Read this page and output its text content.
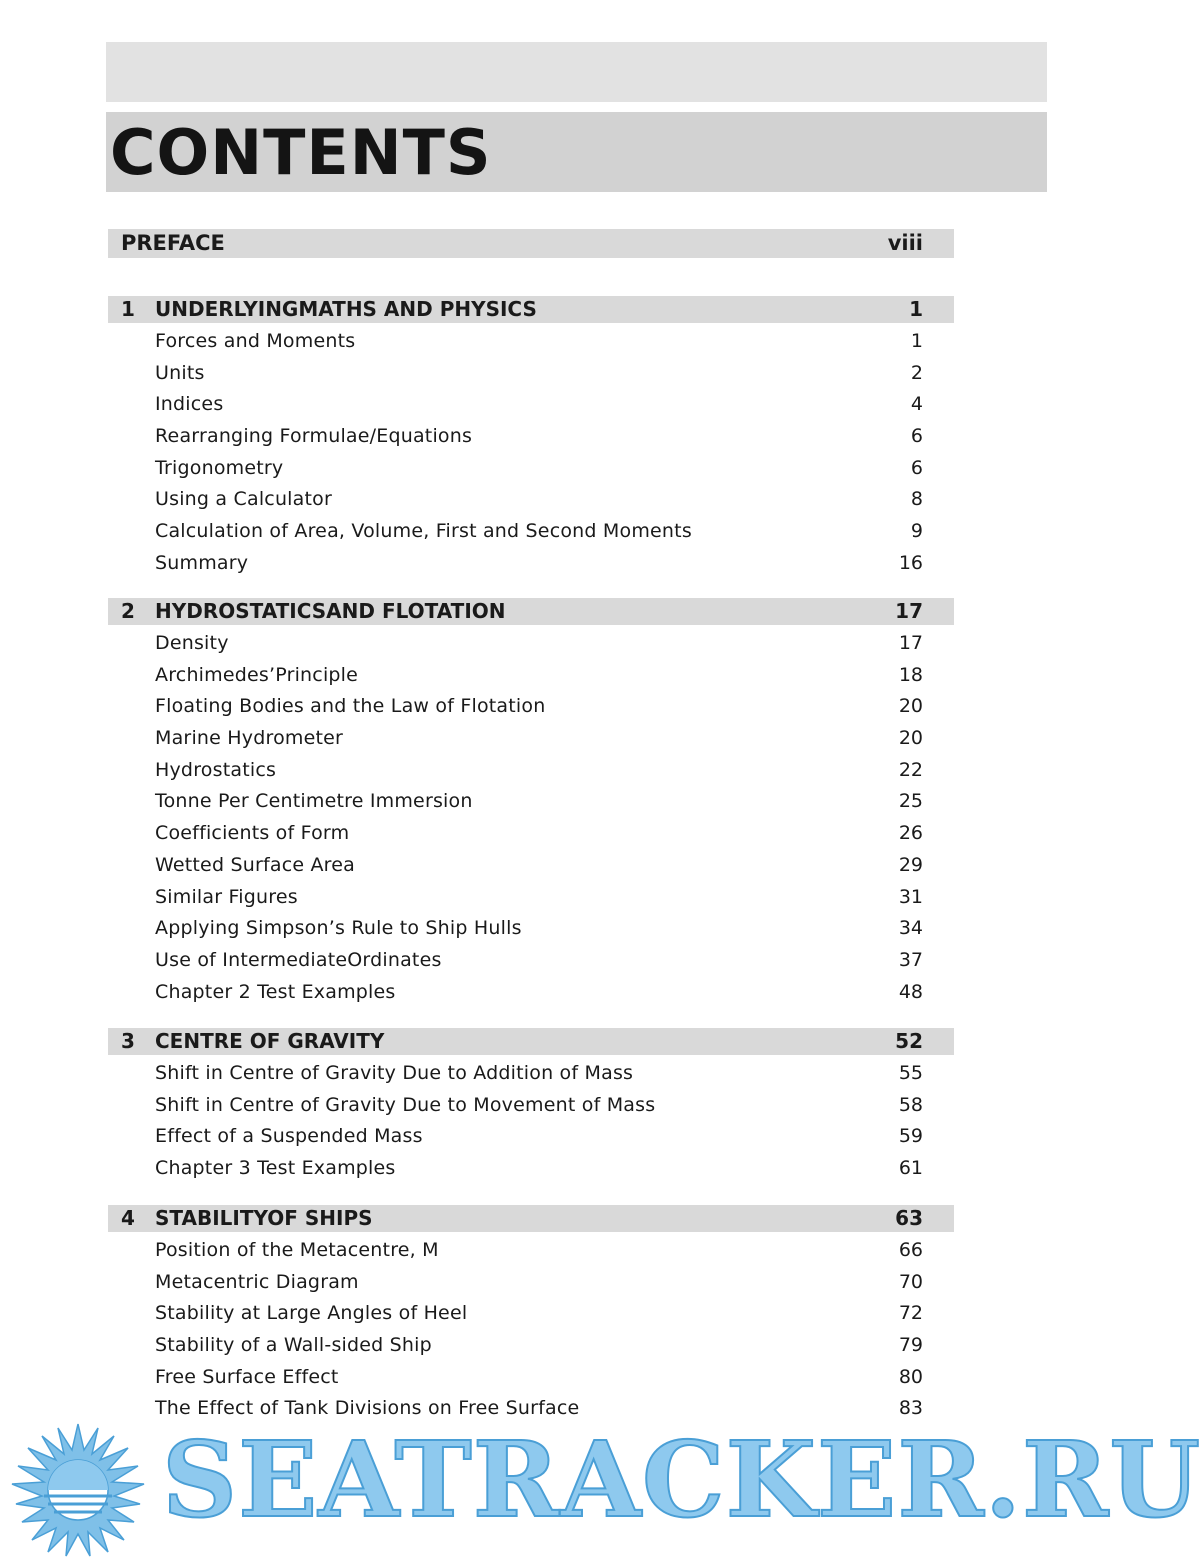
CONTENTS
PREFACE	viii
1 UNDERLYINGMATHS AND PHYSICS	1
Forces and Moments	1
Units	2
Indices	4
Rearranging Formulae/Equations	6
Trigonometry	6
Using a Calculator	8
Calculation of Area, Volume, First and Second Moments	9
Summary	16
2 HYDROSTATICSAND FLOTATION	17
Density	17
Archimedes’Principle	18
Floating Bodies and the Law of Flotation	20
Marine Hydrometer	20
Hydrostatics	22
Tonne Per Centimetre Immersion	25
Coefficients of Form	26
Wetted Surface Area	29
Similar Figures	31
Applying Simpson’s Rule to Ship Hulls	34
Use of IntermediateOrdinates	37
Chapter 2 Test Examples	48
3 CENTRE OF GRAVITY	52
Shift in Centre of Gravity Due to Addition of Mass	55
Shift in Centre of Gravity Due to Movement of Mass	58
Effect of a Suspended Mass	59
Chapter 3 Test Examples	61
4 STABILITYOF SHIPS	63
Position of the Metacentre, M	66
Metacentric Diagram	70
Stability at Large Angles of Heel	72
Stability of a Wall-sided Ship	79
Free Surface Effect	80
The Effect of Tank Divisions on Free Surface	83

SEATRACKER.RU
